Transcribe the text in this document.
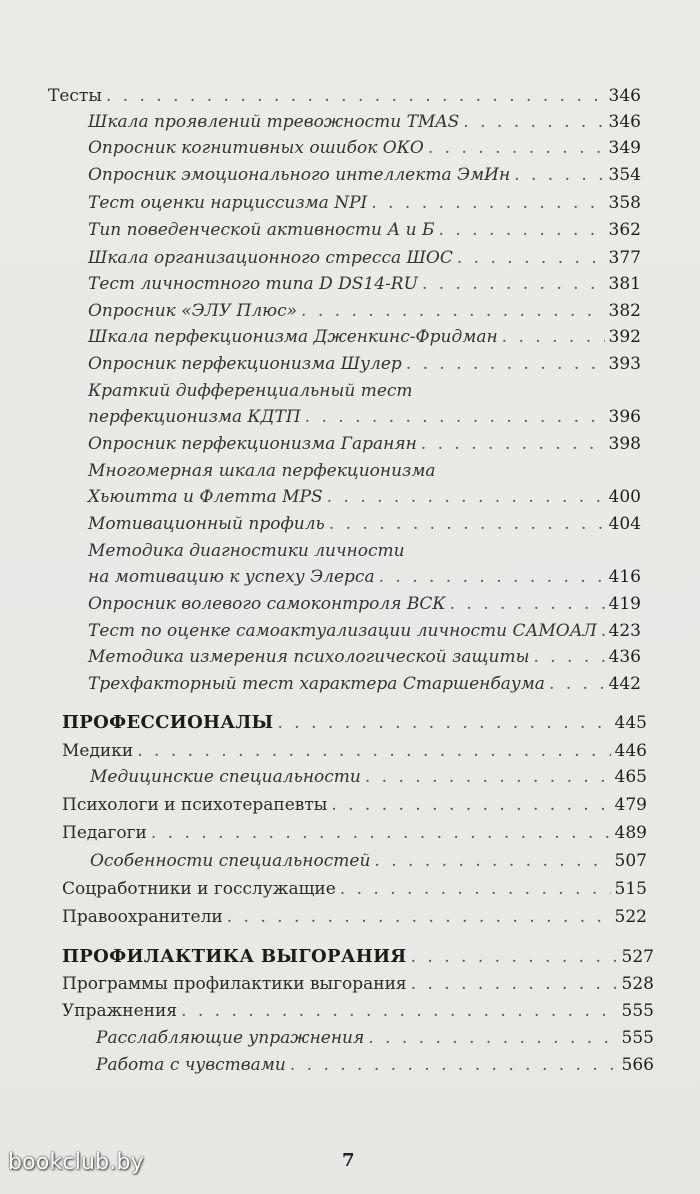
Тесты . . .	346
Шкала проявлений тревожности TMAS . . .	346
Опросник когнитивных ошибок ОКО . . .	349
Опросник эмоционального интеллекта ЭмИн . . .	354
Тест оценки нарциссизма NPI . . .	358
Тип поведенческой активности А и Б . . .	362
Шкала организационного стресса ШОС . . .	377
Тест личностного типа D DS14-RU . . .	381
Опросник «ЭЛУ Плюс» . . .	382
Шкала перфекционизма Дженкинс-Фридман . . .	392
Опросник перфекционизма Шулер . . .	393
Краткий дифференциальный тест
перфекционизма КДТП . . .	396
Опросник перфекционизма Гаранян . . .	398
Многомерная шкала перфекционизма
Хьюитта и Флетта MPS . . .	400
Мотивационный профиль . . .	404
Методика диагностики личности
на мотивацию к успеху Элерса . . .	416
Опросник волевого самоконтроля ВСК . . .	419
Тест по оценке самоактуализации личности САМОАЛ . . . 423
Методика измерения психологической защиты . . .	436
Трехфакторный тест характера Старшенбаума . . .	442
ПРОФЕССИОНАЛЫ . . .	445
Медики . . .	446
Медицинские специальности . . .	465
Психологи и психотерапевты . . .	479
Педагоги . . .	489
Особенности специальностей . . .	507
Соцработники и госслужащие . . .	515
Правоохранители . . .	522
ПРОФИЛАКТИКА ВЫГОРАНИЯ . . .	527
Программы профилактики выгорания . . .	528
Упражнения . . .	555
Расслабляющие упражнения . . .	555
Работа с чувствами . . .	566
7
bookclub.by
